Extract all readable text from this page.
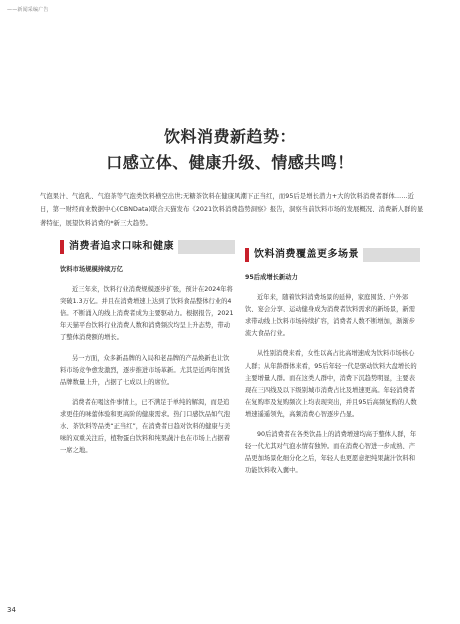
——新闻采编广告
饮料消费新趋势：
口感立体、健康升级、情感共鸣！
气泡果汁、气泡乳、气泡茶等气泡类饮料横空出世;无糖茶饮料在健康风潮下正当红，而95后是增长潜力+大的饮料消费者群体……近日，第一财经商业数据中心(CBNData)联合天猫发布《2021饮料消费趋势洞察》报告，洞察当前饮料市场的发展概况、消费新人群的显著特征，展望饮料消费的*新三大趋势。
消费者追求口味和健康
饮料市场规模持续万亿

近三年来，饮料行业消费规模逐步扩张，预计在2024年将突破1.3万亿。并且在消费增速上达到了饮料食品整体行业的4倍。不断涌入的线上消费者成为主要驱动力。根据报告，2021年天猫平台饮料行业消费人数和消费频次均呈上升态势，带动了整体消费额的增长。

另一方面，众多新品牌的入局和老品牌的产品焕新也让饮料市场竞争愈发激烈，逐步推进市场革新。尤其是近两年国货品牌数量上升，占据了七成以上的席位。

消费者在喝这件事情上，已不满足于单纯的解渴，而是追求更佳的味蕾体验和更高阶的健康需求。热门口感饮品如气泡水、茶饮料等品类“正当红”，在消费者日趋对饮料的健康与美味的双重关注后，植物蛋白饮料和纯果蔬汁也在市场上占据着一席之地。

饮料消费覆盖更多场景
95后成增长新动力

近年来，随着饮料消费场景的延伸，家庭囤货、户外郊饮、宴会分享、运动健身成为消费者饮料需求的新场景，新需求带动线上饮料市场持续扩容，消费者人数不断增加，渐渐步流大食品行业。

从性别消费来看，女性以高占比高增速成为饮料市场核心人群；从年龄群体来看，95后年轻一代是驱动饮料大盘增长的主要增量人群。而在这类人群中，消费下沉趋势明显，主要表现在三四线及以下级别城市消费占比及增速更高。年轻消费者在复购率及复购频次上均表现突出，并且95后高频复购的人数增速遥遥领先，高频消费心智逐步凸显。

90后消费者在各类饮品上的消费增速均高于整体人群，年轻一代尤其对气泡水情有独钟。而在消费心智进一步成熟、产品更加场景化细分化之后，年轻人也更愿意把纯果蔬汁饮料和功能饮料收入囊中。

34
